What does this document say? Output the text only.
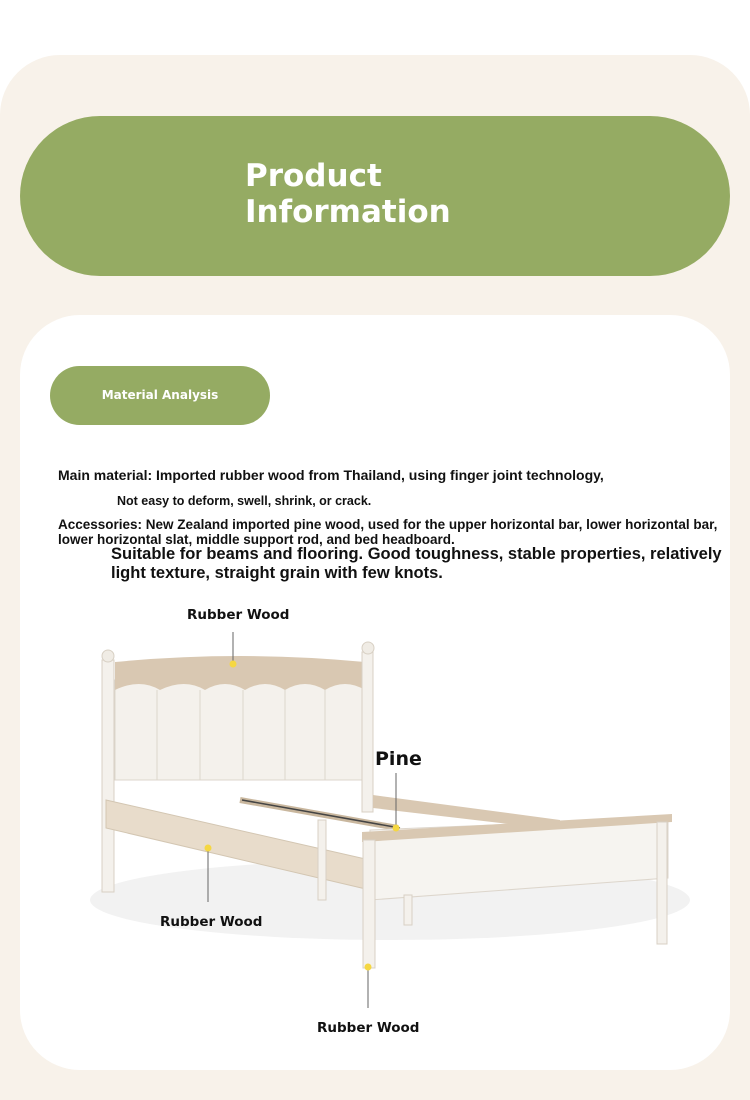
Product
Information
Material Analysis
Main material: Imported rubber wood from Thailand, using finger joint technology,
Not easy to deform, swell, shrink, or crack.
Accessories: New Zealand imported pine wood, used for the upper horizontal bar, lower horizontal bar, lower horizontal slat, middle support rod, and bed headboard.
Suitable for beams and flooring. Good toughness, stable properties, relatively light texture, straight grain with few knots.
Rubber Wood
Pine
Rubber Wood
Rubber Wood
